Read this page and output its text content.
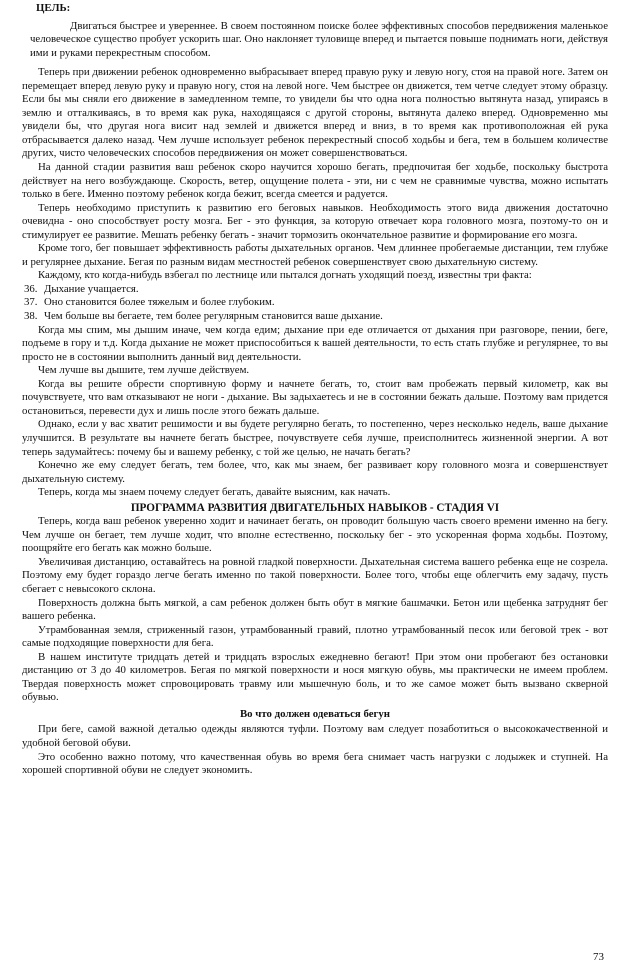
ЦЕЛЬ:
Двигаться быстрее и увереннее. В своем постоянном поиске более эффективных способов передвижения маленькое человеческое существо пробует ускорить шаг. Оно наклоняет туловище вперед и пытается повыше поднимать ноги, действуя ими и руками перекрестным способом.

Теперь при движении ребенок одновременно выбрасывает вперед правую руку и левую ногу, стоя на правой ноге. Затем он перемещает вперед левую руку и правую ногу, стоя на левой ноге. Чем быстрее он движется, тем четче следует этому образцу. Если бы мы сняли его движение в замедленном темпе, то увидели бы что одна нога полностью вытянута назад, упираясь в землю и отталкиваясь, в то время как рука, находящаяся с другой стороны, вытянута далеко вперед. Одновременно мы увидели бы, что другая нога висит над землей и движется вперед и вниз, в то время как противоположная ей рука отбрасывается далеко назад. Чем лучше использует ребенок перекрестный способ ходьбы и бега, тем в большем количестве других, чисто человеческих способов передвижения он может совершенствоваться.

На данной стадии развития ваш ребенок скоро научится хорошо бегать, предпочитая бег ходьбе, поскольку быстрота действует на него возбуждающе. Скорость, ветер, ощущение полета - эти, ни с чем не сравнимые чувства, можно испытать только в беге. Именно поэтому ребенок когда бежит, всегда смеется и радуется.

Теперь необходимо приступить к развитию его беговых навыков. Необходимость этого вида движения достаточно очевидна - оно способствует росту мозга. Бег - это функция, за которую отвечает кора головного мозга, поэтому-то он и стимулирует ее развитие. Мешать ребенку бегать - значит тормозить окончательное развитие и формирование его мозга.

Кроме того, бег повышает эффективность работы дыхательных органов. Чем длиннее пробегаемые дистанции, тем глубже и регулярнее дыхание. Бегая по разным видам местностей ребенок совершенствует свою дыхательную систему.

Каждому, кто когда-нибудь взбегал по лестнице или пытался догнать уходящий поезд, известны три факта:

36. Дыхание учащается.
37. Оно становится более тяжелым и более глубоким.
38. Чем больше вы бегаете, тем более регулярным становится ваше дыхание.

Когда мы спим, мы дышим иначе, чем когда едим; дыхание при еде отличается от дыхания при разговоре, пении, беге, подъеме в гору и т.д. Когда дыхание не может приспособиться к вашей деятельности, то есть стать глубже и регулярнее, то вы просто не в состоянии выполнить данный вид деятельности.

Чем лучше вы дышите, тем лучше действуем.

Когда вы решите обрести спортивную форму и начнете бегать, то, стоит вам пробежать первый километр, как вы почувствуете, что вам отказывают не ноги - дыхание. Вы задыхаетесь и не в состоянии бежать дальше. Поэтому вам придется остановиться, перевести дух и лишь после этого бежать дальше.

Однако, если у вас хватит решимости и вы будете регулярно бегать, то постепенно, через несколько недель, ваше дыхание улучшится. В результате вы начнете бегать быстрее, почувствуете себя лучше, преисполнитесь жизненной энергии. А вот теперь задумайтесь: почему бы и вашему ребенку, с той же целью, не начать бегать?

Конечно же ему следует бегать, тем более, что, как мы знаем, бег развивает кору головного мозга и совершенствует дыхательную систему.

Теперь, когда мы знаем почему следует бегать, давайте выясним, как начать.

ПРОГРАММА РАЗВИТИЯ ДВИГАТЕЛЬНЫХ НАВЫКОВ - СТАДИЯ VI

Теперь, когда ваш ребенок уверенно ходит и начинает бегать, он проводит большую часть своего времени именно на бегу. Чем лучше он бегает, тем лучше ходит, что вполне естественно, поскольку бег - это ускоренная форма ходьбы. Поэтому, поощряйте его бегать как можно больше.

Увеличивая дистанцию, оставайтесь на ровной гладкой поверхности. Дыхательная система вашего ребенка еще не созрела. Поэтому ему будет гораздо легче бегать именно по такой поверхности. Более того, чтобы еще облегчить ему задачу, пусть сбегает с невысокого склона.

Поверхность должна быть мягкой, а сам ребенок должен быть обут в мягкие башмачки. Бетон или щебенка затруднят бег вашего ребенка.

Утрамбованная земля, стриженный газон, утрамбованный гравий, плотно утрамбованный песок или беговой трек - вот самые подходящие поверхности для бега.

В нашем институте тридцать детей и тридцать взрослых ежедневно бегают! При этом они пробегают без остановки дистанцию от 3 до 40 километров. Бегая по мягкой поверхности и нося мягкую обувь, мы практически не имеем проблем. Твердая поверхность может спровоцировать травму или мышечную боль, и то же самое может быть вызвано скверной обувью.

Во что должен одеваться бегун

При беге, самой важной деталью одежды являются туфли. Поэтому вам следует позаботиться о высококачественной и удобной беговой обуви.

Это особенно важно потому, что качественная обувь во время бега снимает часть нагрузки с лодыжек и ступней. На хорошей спортивной обуви не следует экономить.

73
